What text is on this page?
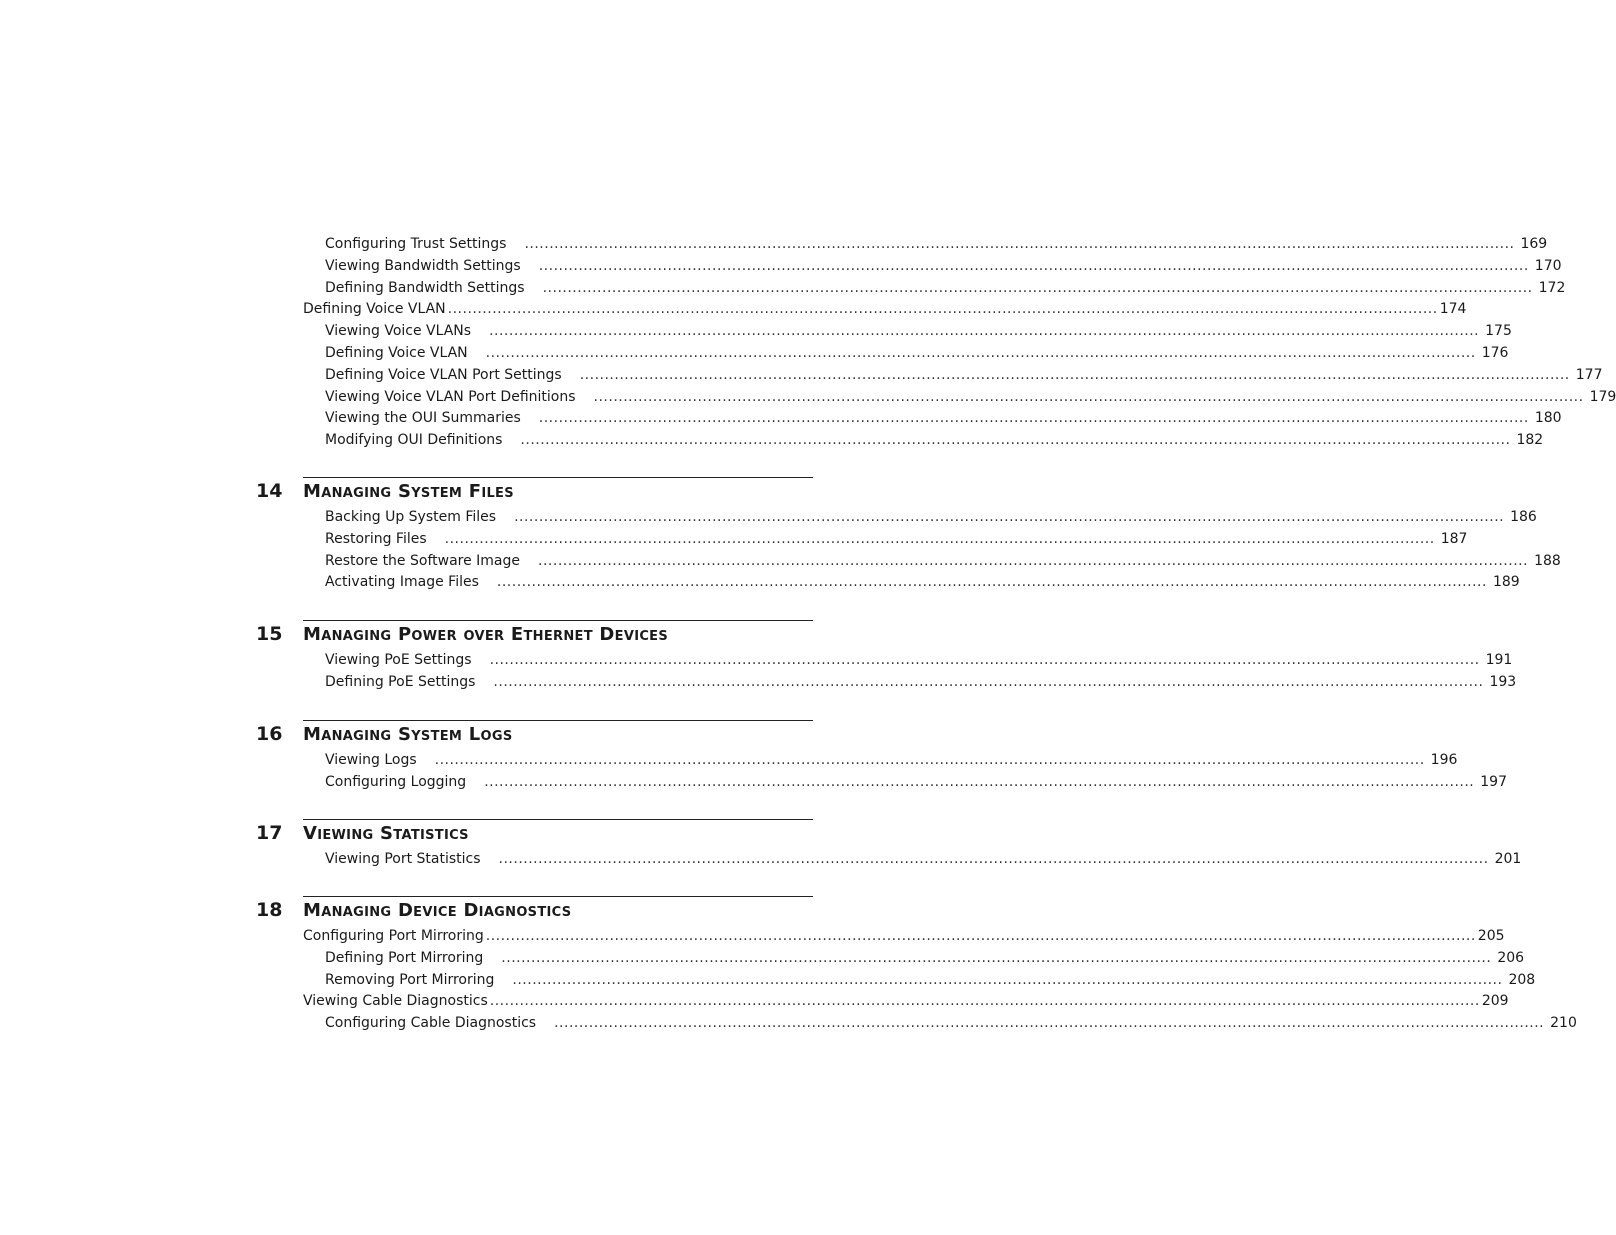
Configuring Trust Settings ........................................................................................................................................................................................................ 169
Viewing Bandwidth Settings ........................................................................................................................................................................................................ 170
Defining Bandwidth Settings ........................................................................................................................................................................................................ 172
Defining Voice VLAN ........................................................................................................................................................................................................ 174
Viewing Voice VLANs ........................................................................................................................................................................................................ 175
Defining Voice VLAN ........................................................................................................................................................................................................ 176
Defining Voice VLAN Port Settings ........................................................................................................................................................................................................ 177
Viewing Voice VLAN Port Definitions ........................................................................................................................................................................................................ 179
Viewing the OUI Summaries ........................................................................................................................................................................................................ 180
Modifying OUI Definitions ........................................................................................................................................................................................................ 182
14 Managing System Files
Backing Up System Files ........................................................................................................................................................................................................ 186
Restoring Files ........................................................................................................................................................................................................ 187
Restore the Software Image ........................................................................................................................................................................................................ 188
Activating Image Files ........................................................................................................................................................................................................ 189
15 Managing Power over Ethernet Devices
Viewing PoE Settings ........................................................................................................................................................................................................ 191
Defining PoE Settings ........................................................................................................................................................................................................ 193
16 Managing System Logs
Viewing Logs ........................................................................................................................................................................................................ 196
Configuring Logging ........................................................................................................................................................................................................ 197
17 Viewing Statistics
Viewing Port Statistics ........................................................................................................................................................................................................ 201
18 Managing Device Diagnostics
Configuring Port Mirroring ........................................................................................................................................................................................................ 205
Defining Port Mirroring ........................................................................................................................................................................................................ 206
Removing Port Mirroring ........................................................................................................................................................................................................ 208
Viewing Cable Diagnostics ........................................................................................................................................................................................................ 209
Configuring Cable Diagnostics ........................................................................................................................................................................................................ 210
